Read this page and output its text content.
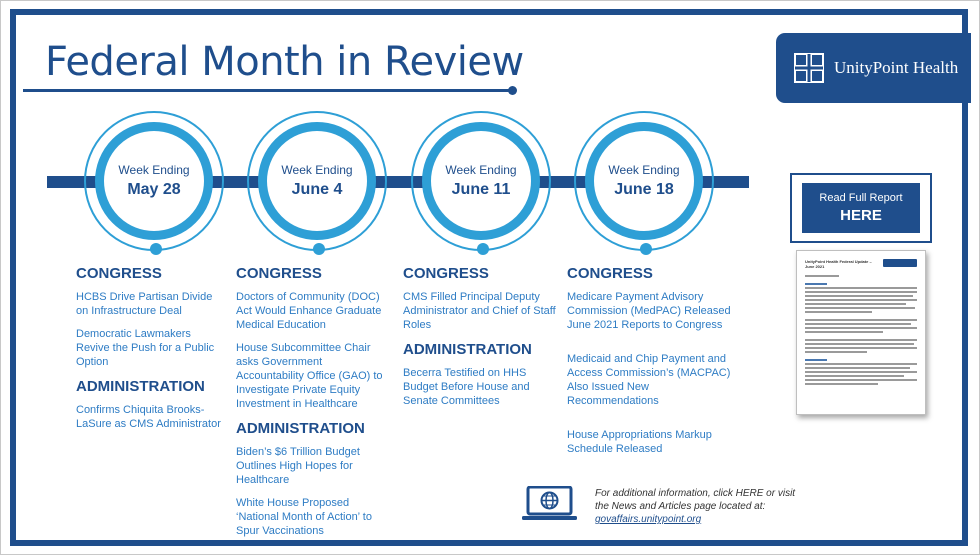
Federal Month in Review	UnityPoint Health
Week Ending
May 28
Week Ending
June 4
Week Ending
June 11
Week Ending
June 18
CONGRESS
HCBS Drive Partisan Divide on Infrastructure Deal
Democratic Lawmakers Revive the Push for a Public Option
ADMINISTRATION
Confirms Chiquita Brooks-LaSure as CMS Administrator
CONGRESS
Doctors of Community (DOC) Act Would Enhance Graduate Medical Education
House Subcommittee Chair asks Government Accountability Office (GAO) to Investigate Private Equity Investment in Healthcare
ADMINISTRATION
Biden’s $6 Trillion Budget Outlines High Hopes for Healthcare
White House Proposed ‘National Month of Action’ to Spur Vaccinations
CONGRESS
CMS Filled Principal Deputy Administrator and Chief of Staff Roles
ADMINISTRATION
Becerra Testified on HHS Budget Before House and Senate Committees
CONGRESS
Medicare Payment Advisory Commission (MedPAC) Released June 2021 Reports to Congress
Medicaid and Chip Payment and Access Commission’s (MACPAC) Also Issued New Recommendations
House Appropriations Markup Schedule Released
Read Full Report
HERE
UnityPoint Health Federal Update – June 2021
For additional information, click HERE or visit the News and Articles page located at:
govaffairs.unitypoint.org
